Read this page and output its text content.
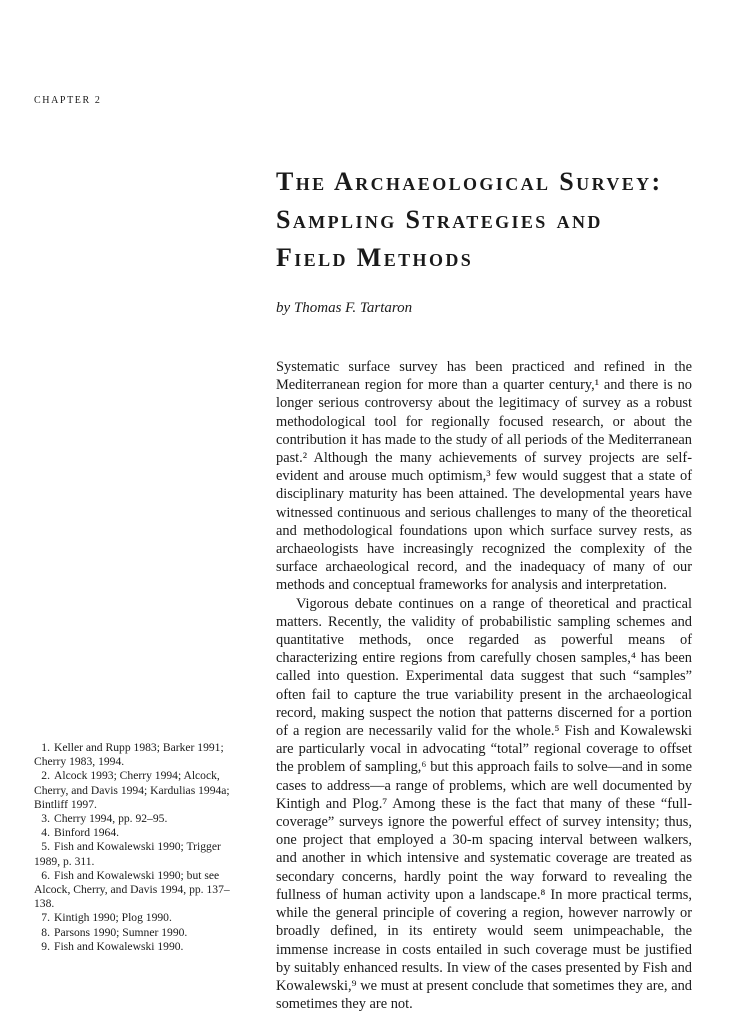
CHAPTER 2
The Archaeological Survey:
Sampling Strategies and
Field Methods
by Thomas F. Tartaron

Systematic surface survey has been practiced and refined in the Mediterranean region for more than a quarter century,¹ and there is no longer serious controversy about the legitimacy of survey as a robust methodological tool for regionally focused research, or about the contribution it has made to the study of all periods of the Mediterranean past.² Although the many achievements of survey projects are self-evident and arouse much optimism,³ few would suggest that a state of disciplinary maturity has been attained. The developmental years have witnessed continuous and serious challenges to many of the theoretical and methodological foundations upon which surface survey rests, as archaeologists have increasingly recognized the complexity of the surface archaeological record, and the inadequacy of many of our methods and conceptual frameworks for analysis and interpretation.

Vigorous debate continues on a range of theoretical and practical matters. Recently, the validity of probabilistic sampling schemes and quantitative methods, once regarded as powerful means of characterizing entire regions from carefully chosen samples,⁴ has been called into question. Experimental data suggest that such “samples” often fail to capture the true variability present in the archaeological record, making suspect the notion that patterns discerned for a portion of a region are necessarily valid for the whole.⁵ Fish and Kowalewski are particularly vocal in advocating “total” regional coverage to offset the problem of sampling,⁶ but this approach fails to solve—and in some cases to address—a range of problems, which are well documented by Kintigh and Plog.⁷ Among these is the fact that many of these “full-coverage” surveys ignore the powerful effect of survey intensity; thus, one project that employed a 30-m spacing interval between walkers, and another in which intensive and systematic coverage are treated as secondary concerns, hardly point the way forward to revealing the fullness of human activity upon a landscape.⁸ In more practical terms, while the general principle of covering a region, however narrowly or broadly defined, in its entirety would seem unimpeachable, the immense increase in costs entailed in such coverage must be justified by suitably enhanced results. In view of the cases presented by Fish and Kowalewski,⁹ we must at present conclude that sometimes they are, and sometimes they are not.

1. Keller and Rupp 1983; Barker 1991; Cherry 1983, 1994.
2. Alcock 1993; Cherry 1994; Alcock, Cherry, and Davis 1994; Kardulias 1994a; Bintliff 1997.
3. Cherry 1994, pp. 92–95.
4. Binford 1964.
5. Fish and Kowalewski 1990; Trigger 1989, p. 311.
6. Fish and Kowalewski 1990; but see Alcock, Cherry, and Davis 1994, pp. 137–138.
7. Kintigh 1990; Plog 1990.
8. Parsons 1990; Sumner 1990.
9. Fish and Kowalewski 1990.
